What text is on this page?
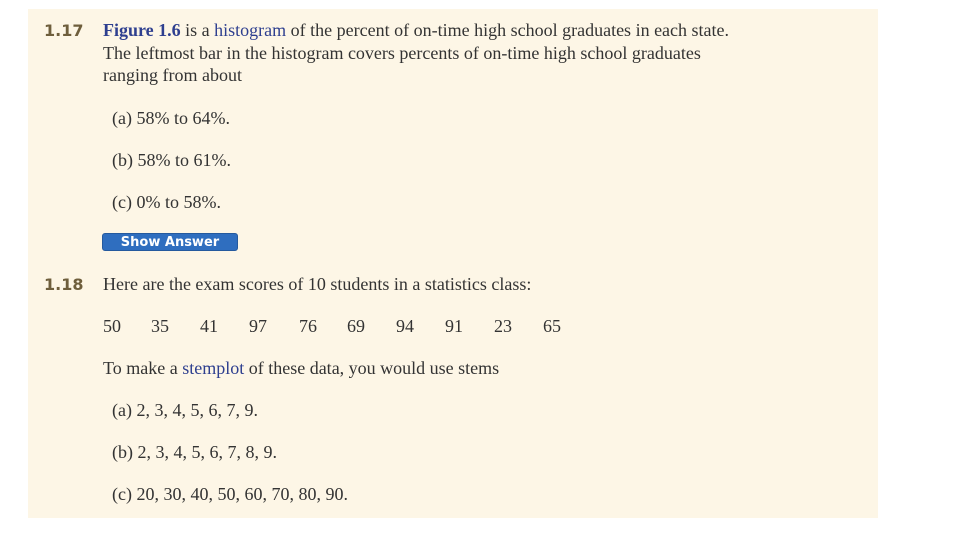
1.17 Figure 1.6 is a histogram of the percent of on-time high school graduates in each state.
The leftmost bar in the histogram covers percents of on-time high school graduates
ranging from about
(a) 58% to 64%.
(b) 58% to 61%.
(c) 0% to 58%.
Show Answer
1.18 Here are the exam scores of 10 students in a statistics class:
50 35 41 97 76 69 94 91 23 65
To make a stemplot of these data, you would use stems
(a) 2, 3, 4, 5, 6, 7, 9.
(b) 2, 3, 4, 5, 6, 7, 8, 9.
(c) 20, 30, 40, 50, 60, 70, 80, 90.
